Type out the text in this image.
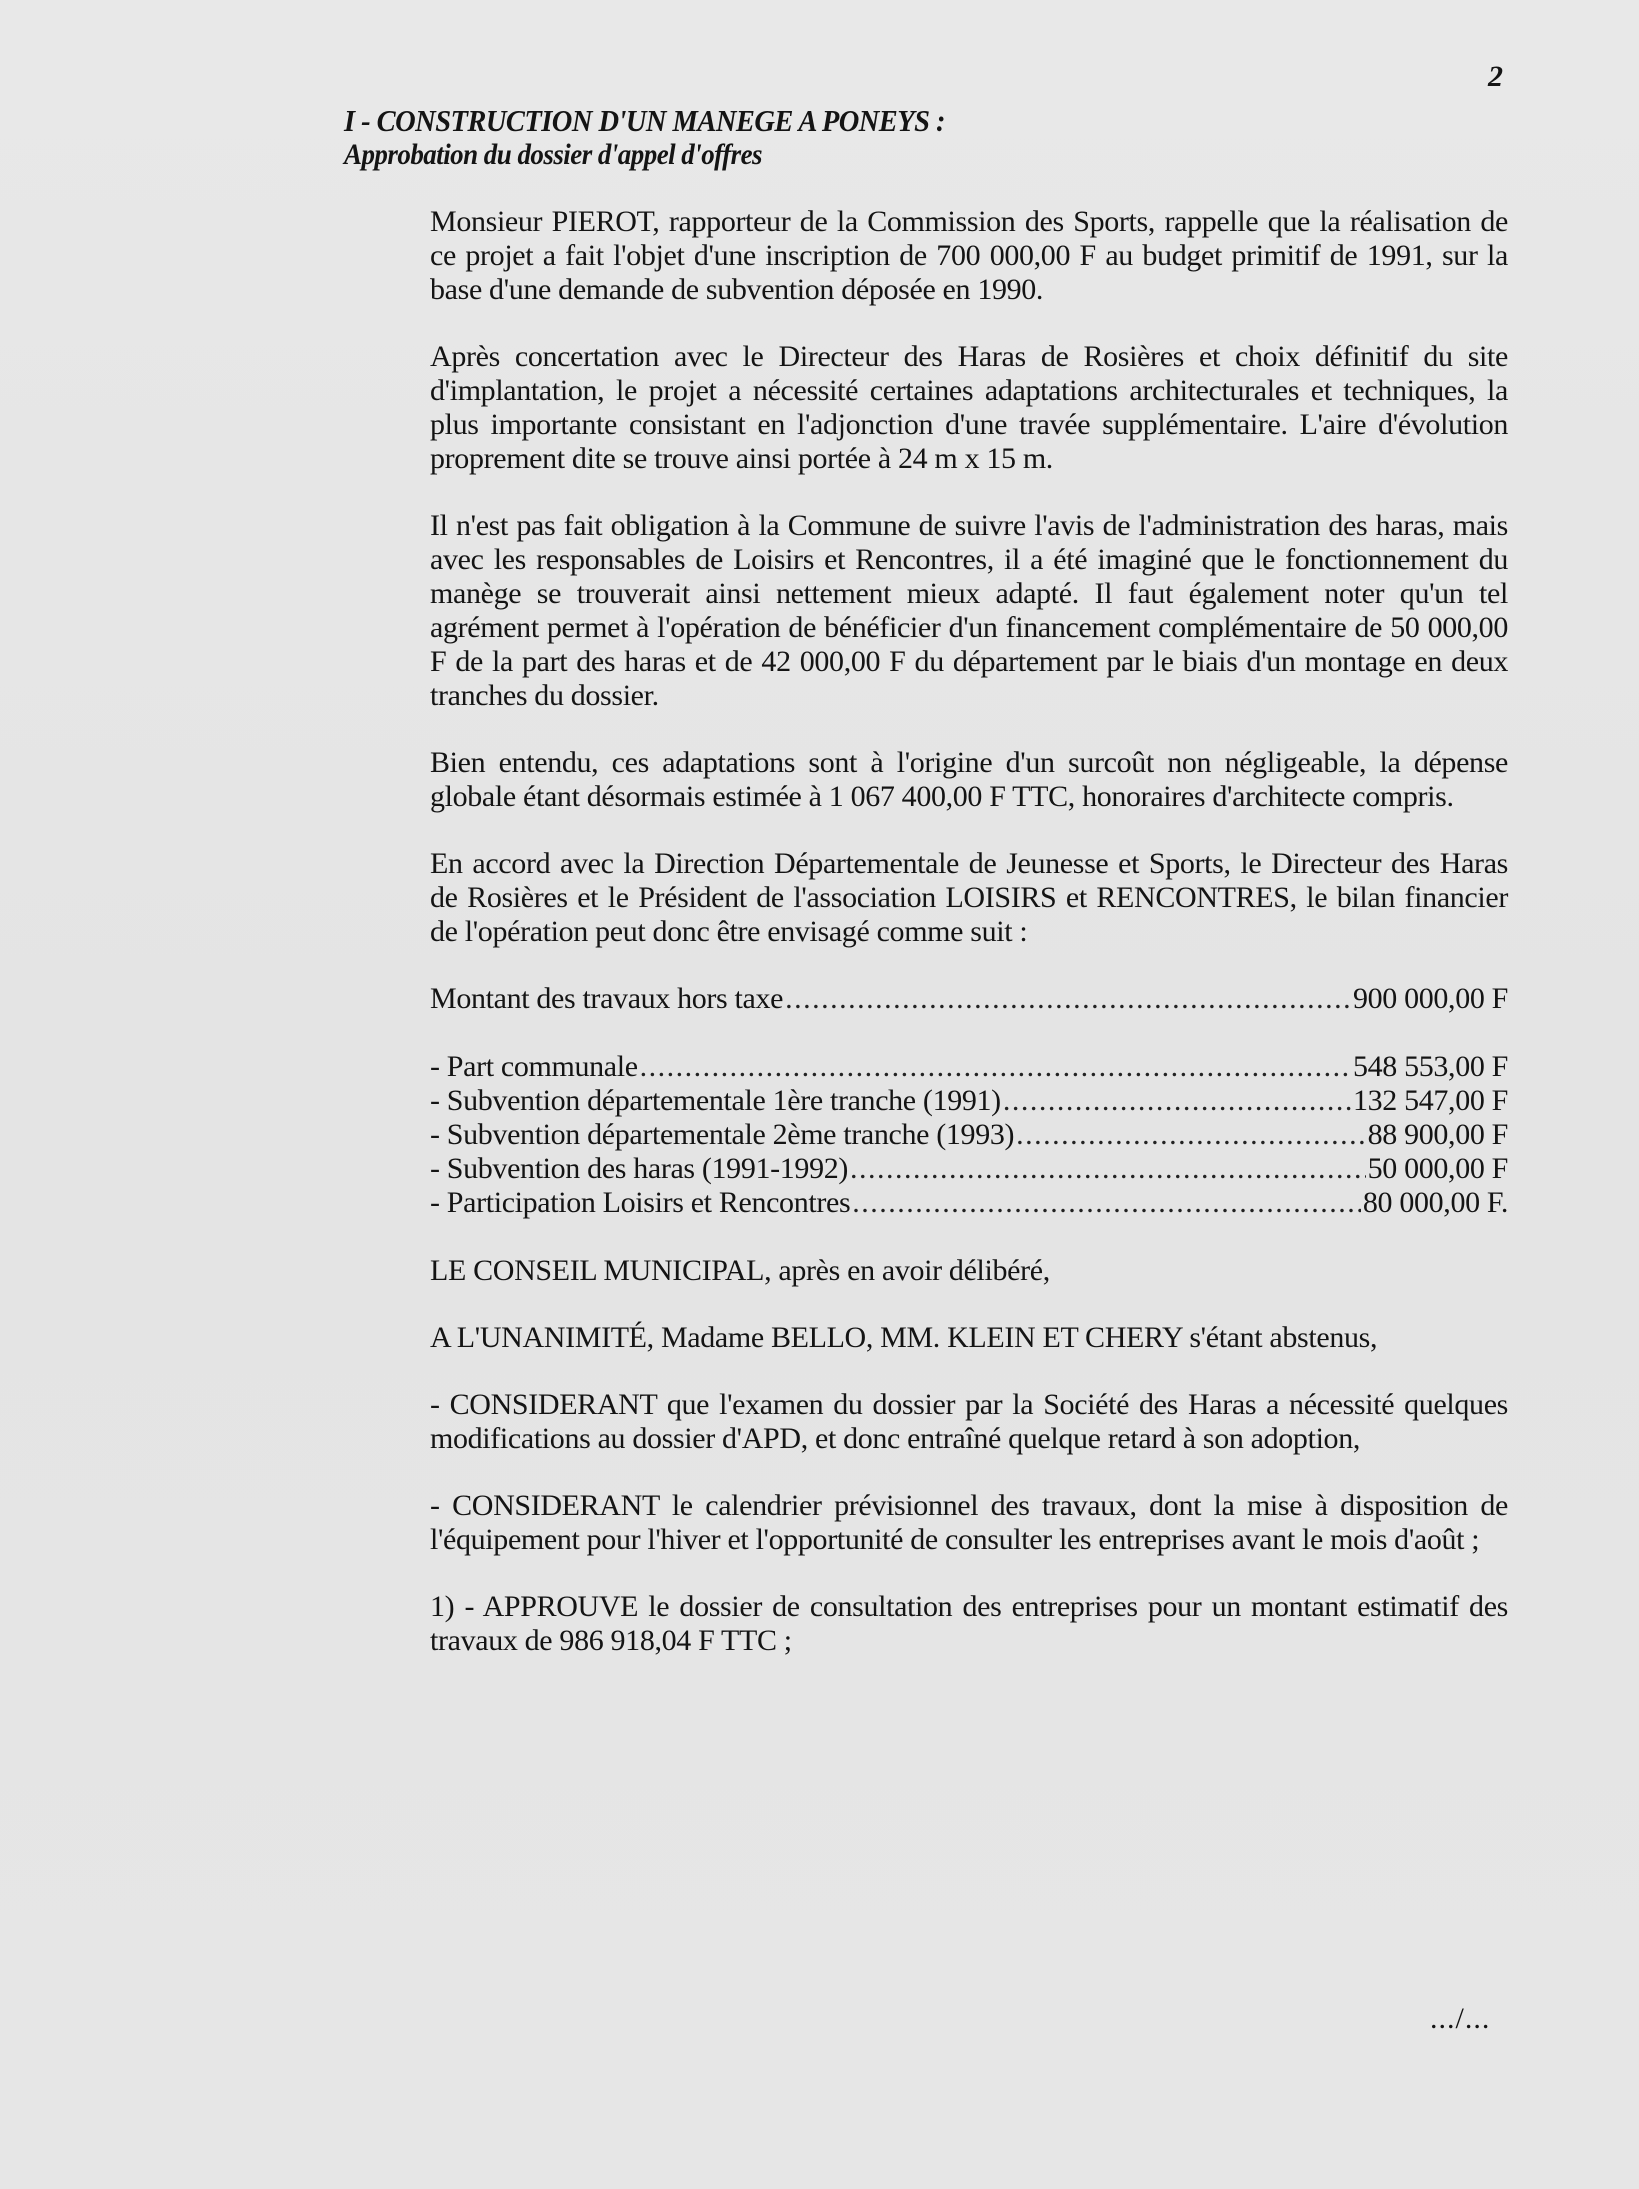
2
I - CONSTRUCTION D'UN MANEGE A PONEYS :
Approbation du dossier d'appel d'offres

Monsieur PIEROT, rapporteur de la Commission des Sports, rappelle que la réalisation de ce projet a fait l'objet d'une inscription de 700 000,00 F au budget primitif de 1991, sur la base d'une demande de subvention déposée en 1990.

Après concertation avec le Directeur des Haras de Rosières et choix définitif du site d'implantation, le projet a nécessité certaines adaptations architecturales et techniques, la plus importante consistant en l'adjonction d'une travée supplémentaire. L'aire d'évolution proprement dite se trouve ainsi portée à 24 m x 15 m.

Il n'est pas fait obligation à la Commune de suivre l'avis de l'administration des haras, mais avec les responsables de Loisirs et Rencontres, il a été imaginé que le fonctionnement du manège se trouverait ainsi nettement mieux adapté. Il faut également noter qu'un tel agrément permet à l'opération de bénéficier d'un financement complémentaire de 50 000,00 F de la part des haras et de 42 000,00 F du département par le biais d'un montage en deux tranches du dossier.

Bien entendu, ces adaptations sont à l'origine d'un surcoût non négligeable, la dépense globale étant désormais estimée à 1 067 400,00 F TTC, honoraires d'architecte compris.

En accord avec la Direction Départementale de Jeunesse et Sports, le Directeur des Haras de Rosières et le Président de l'association LOISIRS et RENCONTRES, le bilan financier de l'opération peut donc être envisagé comme suit :

Montant des travaux hors taxe .....	900 000,00 F
- Part communale .....	548 553,00 F
- Subvention départementale 1ère tranche (1991) .....	132 547,00 F
- Subvention départementale 2ème tranche (1993) .....	88 900,00 F
- Subvention des haras (1991-1992) .....	50 000,00 F
- Participation Loisirs et Rencontres .....	80 000,00 F.

LE CONSEIL MUNICIPAL, après en avoir délibéré,

A L'UNANIMITÉ, Madame BELLO, MM. KLEIN ET CHERY s'étant abstenus,

- CONSIDERANT que l'examen du dossier par la Société des Haras a nécessité quelques modifications au dossier d'APD, et donc entraîné quelque retard à son adoption,

- CONSIDERANT le calendrier prévisionnel des travaux, dont la mise à disposition de l'équipement pour l'hiver et l'opportunité de consulter les entreprises avant le mois d'août ;

1) - APPROUVE le dossier de consultation des entreprises pour un montant estimatif des travaux de 986 918,04 F TTC ;

.../...
